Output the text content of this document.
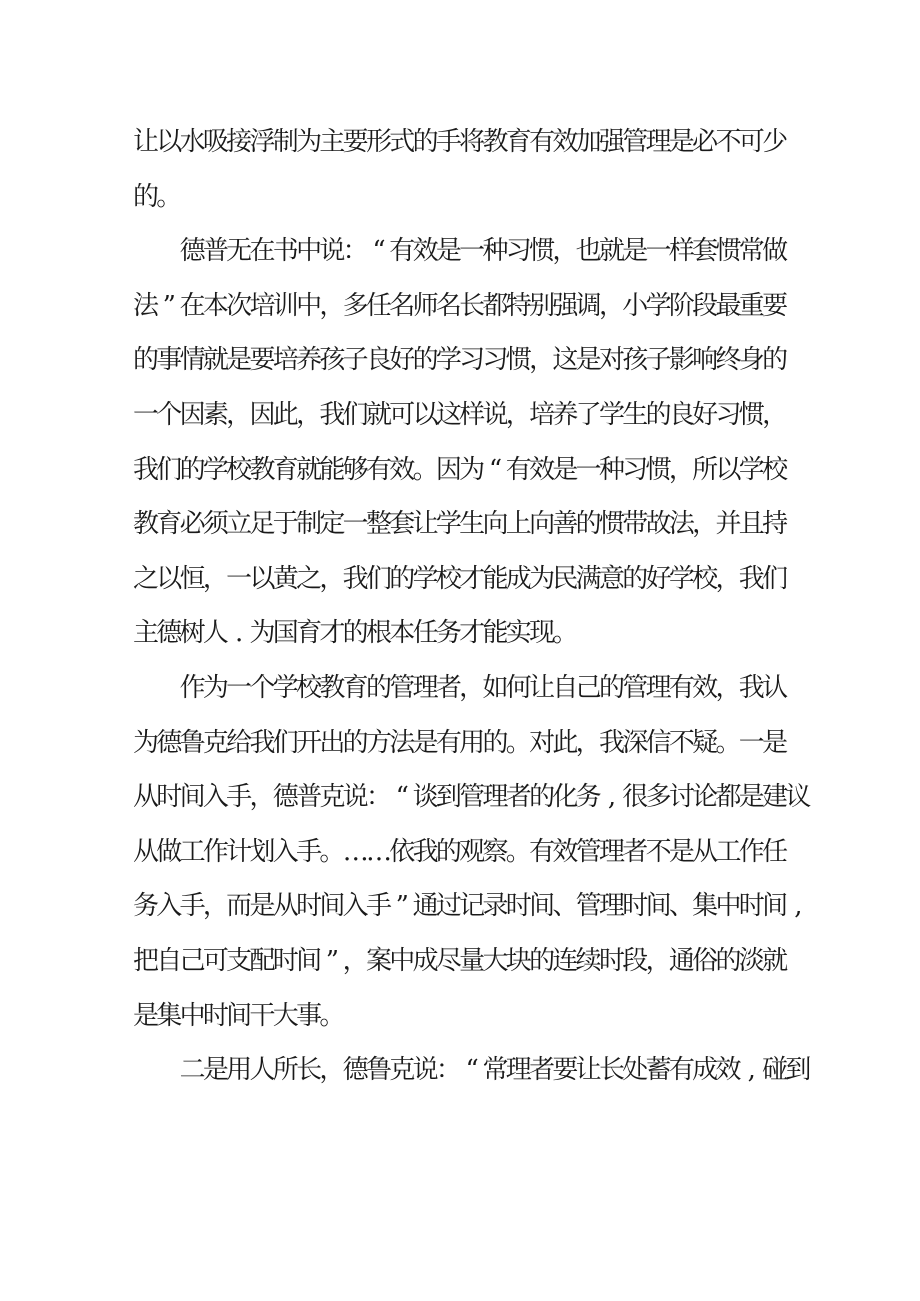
让
以
水
吸
接
浮
制
为
主
要
形
式
的
手
将
教
育
有
效
加
强
管
理
是
必
不
可
少
的
。
德
普
无
在
书
中
说
： “ 有
效
是
一
种
习
惯
，
也
就
是
一
样
套
惯
常
做
法 ” 在
本
次
培
训
中
，
多
任
名
师
名
长
都
特
别
强
调
，
小
学
阶
段
最
重
要
的
事
情
就
是
要
培
养
孩
子
良
好
的
学
习
习
惯
，
这
是
对
孩
子
影
响
终
身
的
一
个
因
素
，
因
此
，
我
们
就
可
以
这
样
说
，
培
养
了
学
生
的
良
好
习
惯
，
我
们
的
学
校
教
育
就
能
够
有
效
。
因
为 “ 有
效
是
一
种
习
惯
，
所
以
学
校
教
育
必
须
立
足
于
制
定
一
整
套
让
学
生
向
上
向
善
的
惯
带
故
法
，
并
且
持
之
以
恒
，
一
以
黄
之
，
我
们
的
学
校
才
能
成
为
民
满
意
的
好
学
校
，
我
们
主
德
树
人 . 为
国
育
才
的
根
本
任
务
才
能
实
现
。
作
为
一
个
学
校
教
育
的
管
理
者
，
如
何
让
自
己
的
管
理
有
效
，
我
认
为
德
鲁
克
给
我
们
开
出
的
方
法
是
有
用
的
。
对
此
，
我
深
信
不
疑
。
一
是
从
时
间
入
手
，
德
普
克
说
： “ 谈
到
管
理
者
的
化
务 , 很
多
讨
论
都
是
建
议
从
做
工
作
计
划
入
手
。
…
…
依
我
的
观
察
。
有
效
管
理
者
不
是
从
工
作
任
务
入
手
，
而
是
从
时
间
入
手 ” 通
过
记
录
时
间
、
管
理
时
间
、
集
中
时
间 ,
把
自
己
可
支
配
时
间 ” ，
案
中
成
尽
量
大
块
的
连
续
时
段
，
通
俗
的
淡
就
是
集
中
时
间
干
大
事
。
二
是
用
人
所
长
，
德
鲁
克
说
： “ 常
理
者
要
让
长
处
蓄
有
成
效 , 碰
到
